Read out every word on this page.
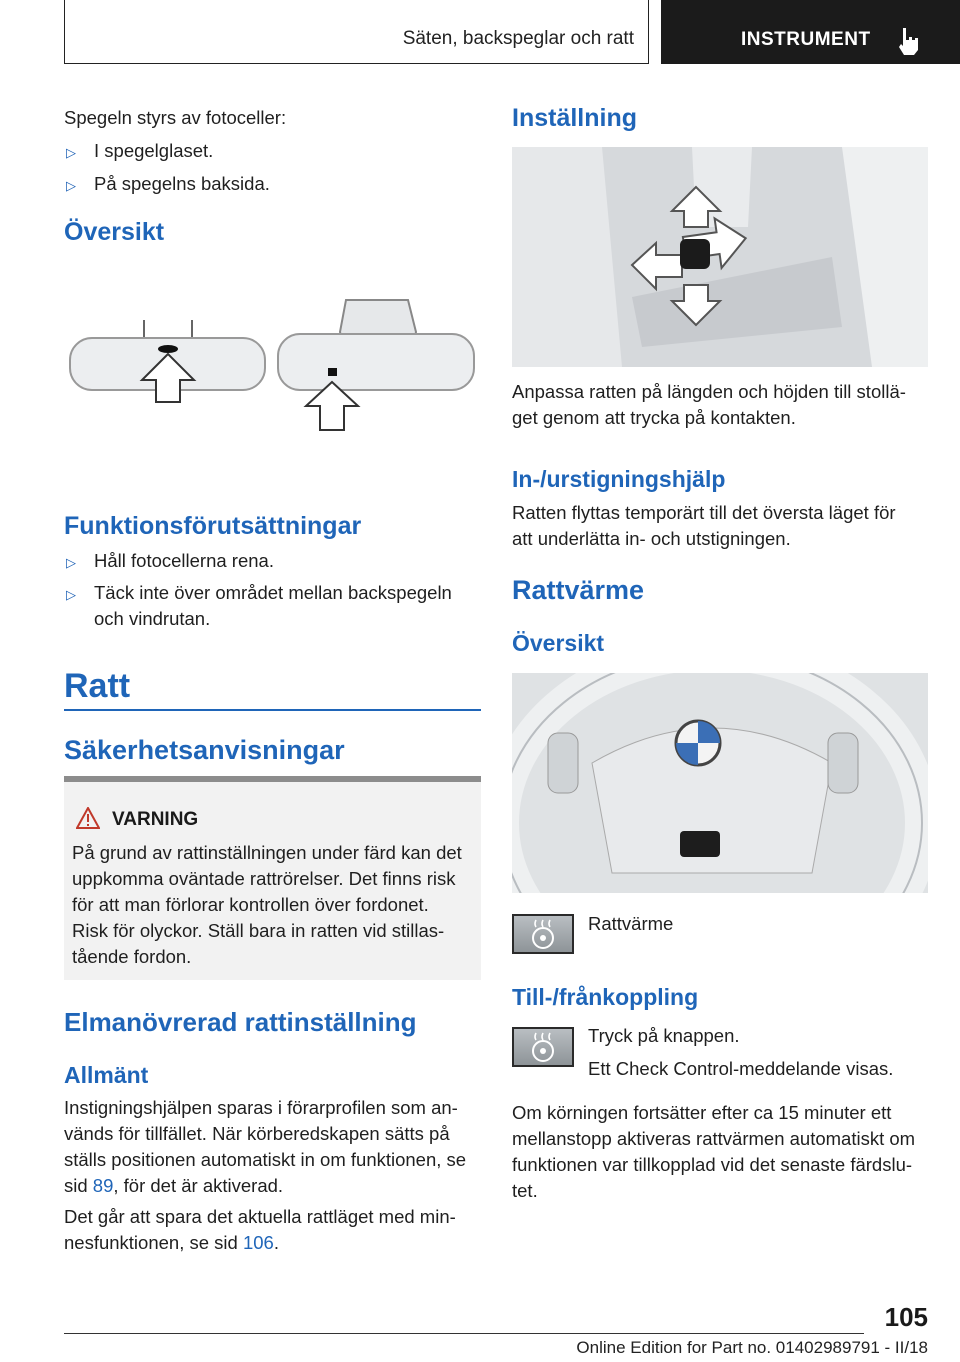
Säten, backspeglar och ratt	INSTRUMENT
Spegeln styrs av fotoceller:
▷ I spegelglaset.
▷ På spegelns baksida.
Översikt
Funktionsförutsättningar
▷ Håll fotocellerna rena.
▷ Täck inte över området mellan backspegeln
och vindrutan.
Ratt
Säkerhetsanvisningar
VARNING
På grund av rattinställningen under färd kan det
uppkomma oväntade rattrörelser. Det finns risk
för att man förlorar kontrollen över fordonet.
Risk för olyckor. Ställ bara in ratten vid stillas-
tående fordon.
Elmanövrerad rattinställning
Allmänt
Instigningshjälpen sparas i förarprofilen som an-
vänds för tillfället. När körberedskapen sätts på
ställs positionen automatiskt in om funktionen, se
sid 89, för det är aktiverad.
Det går att spara det aktuella rattläget med min-
nesfunktionen, se sid 106.
Inställning
Anpassa ratten på längden och höjden till stollä-
get genom att trycka på kontakten.
In-/urstigningshjälp
Ratten flyttas temporärt till det översta läget för
att underlätta in- och utstigningen.
Rattvärme
Översikt
Rattvärme
Till-/frånkoppling
Tryck på knappen.
Ett Check Control-meddelande visas.
Om körningen fortsätter efter ca 15 minuter ett
mellanstopp aktiveras rattvärmen automatiskt om
funktionen var tillkopplad vid det senaste färdslu-
tet.
105
Online Edition for Part no. 01402989791 - II/18
